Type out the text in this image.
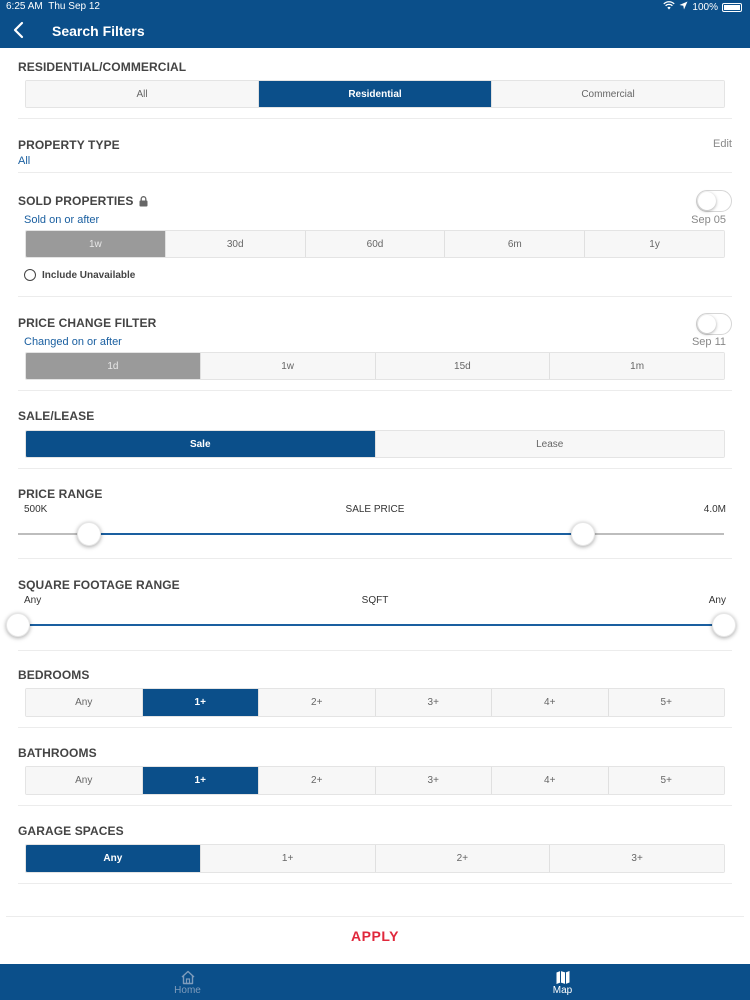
6:25 AM Thu Sep 12	100%
Search Filters
RESIDENTIAL/COMMERCIAL
All	Residential	Commercial
PROPERTY TYPE	Edit
All
SOLD PROPERTIES
Sold on or after	Sep 05
1w	30d	60d	6m	1y
Include Unavailable
PRICE CHANGE FILTER
Changed on or after	Sep 11
1d	1w	15d	1m
SALE/LEASE
Sale	Lease
PRICE RANGE
500K	SALE PRICE	4.0M
SQUARE FOOTAGE RANGE
Any	SQFT	Any
BEDROOMS
Any	1+	2+	3+	4+	5+
BATHROOMS
Any	1+	2+	3+	4+	5+
GARAGE SPACES
Any	1+	2+	3+
APPLY
Home	Map
